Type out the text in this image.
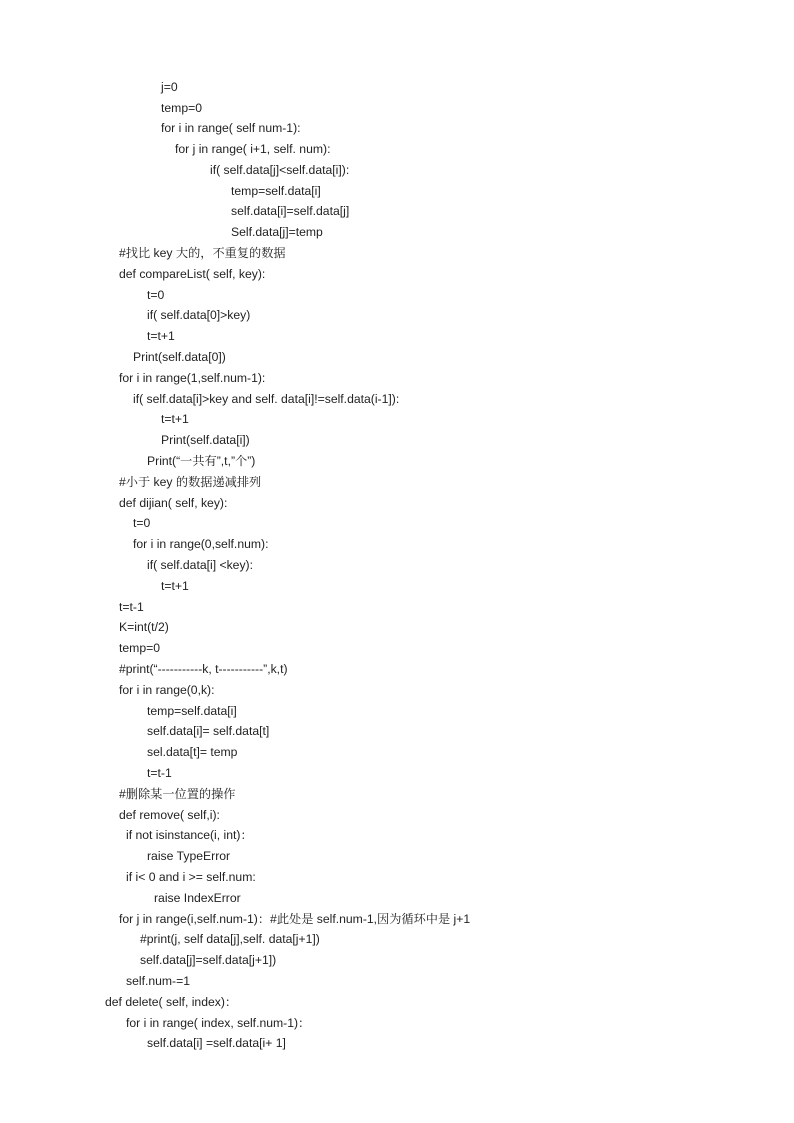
j=0
temp=0
for i in range( self num-1):
for j in range( i+1, self. num):
if( self.data[j]<self.data[i]):
temp=self.data[i]
self.data[i]=self.data[j]
Self.data[j]=temp
#找比 key 大的，不重复的数据
def compareList( self, key):
t=0
if( self.data[0]>key)
t=t+1
Print(self.data[0])
for i in range(1,self.num-1):
if( self.data[i]>key and self. data[i]!=self.data(i-1]):
t=t+1
Print(self.data[i])
Print(“一共有”,t,”个”)
#小于 key 的数据递减排列
def dijian( self, key):
t=0
for i in range(0,self.num):
if( self.data[i] <key):
t=t+1
t=t-1
K=int(t/2)
temp=0
#print(“-----------k, t-----------”,k,t)
for i in range(0,k):
temp=self.data[i]
self.data[i]= self.data[t]
sel.data[t]= temp
t=t-1
#删除某一位置的操作
def remove( self,i):
if not isinstance(i, int)：
raise TypeError
if i< 0 and i >= self.num:
raise IndexError
for j in range(i,self.num-1)：#此处是 self.num-1,因为循环中是 j+1
#print(j, self data[j],self. data[j+1])
self.data[j]=self.data[j+1])
self.num-=1
def delete( self, index)：
for i in range( index, self.num-1)：
self.data[i] =self.data[i+ 1]
